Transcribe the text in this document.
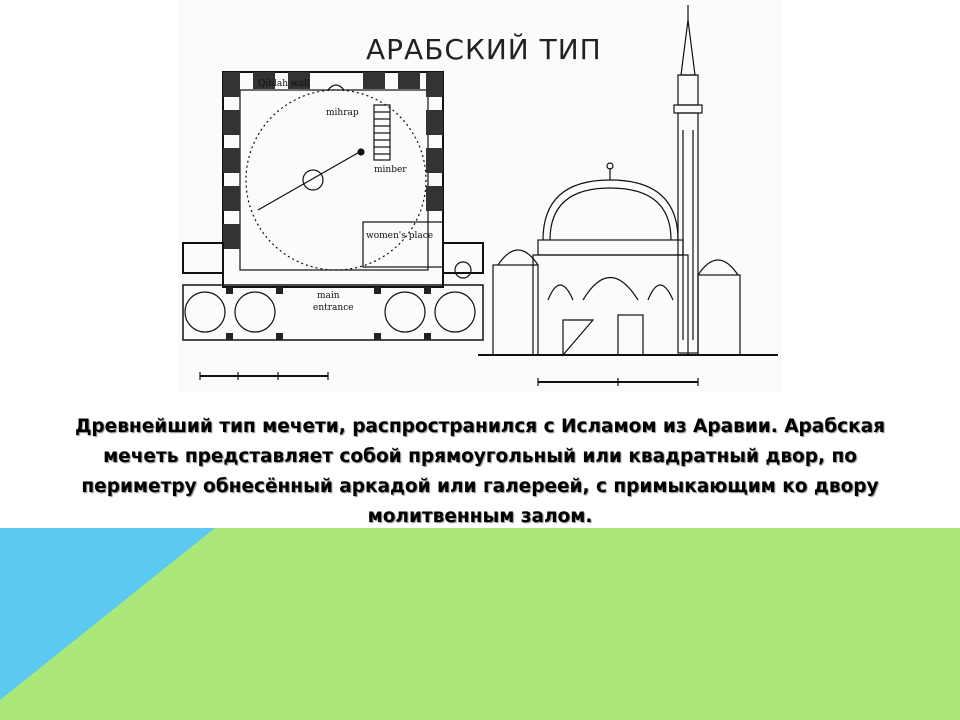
Qiblah wall
mihrap
minber
women's place
main
entrance
АРАБСКИЙ ТИП
Древнейший тип мечети, распространился с Исламом из Аравии. Арабская мечеть представляет собой прямоугольный или квадратный двор, по периметру обнесённый аркадой или галереей, с примыкающим ко двору молитвенным залом.
